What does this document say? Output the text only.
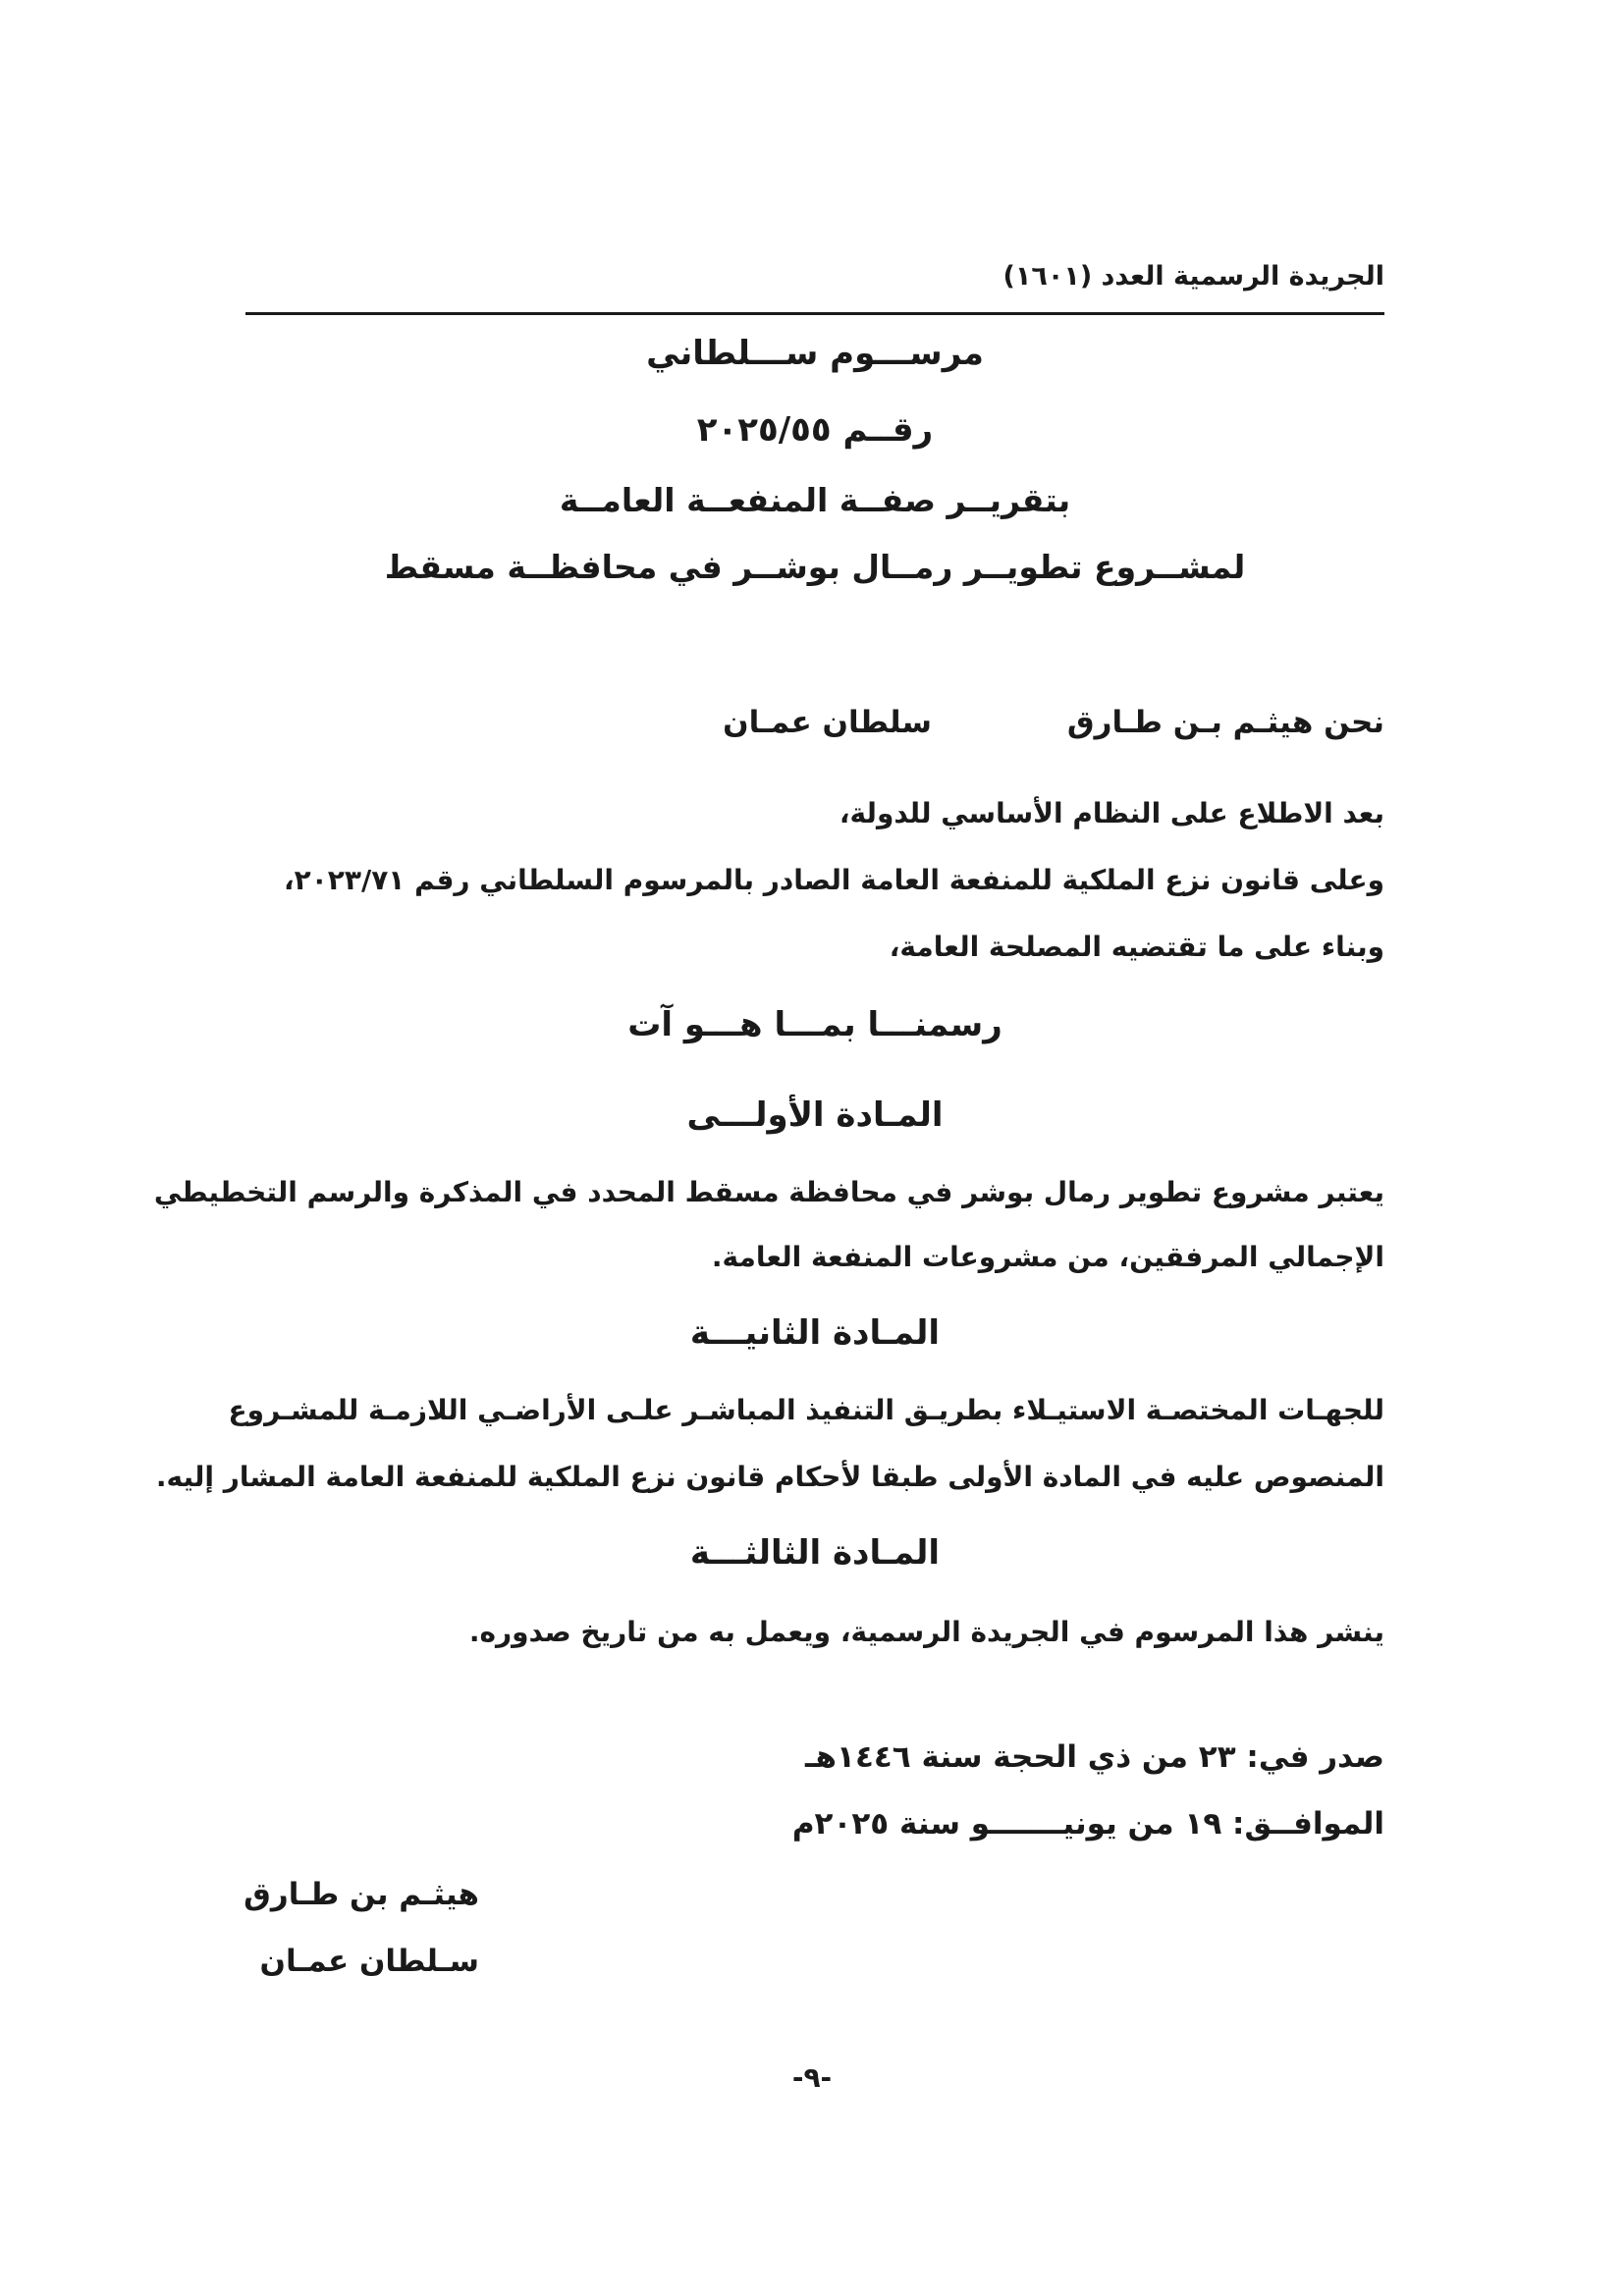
الجريدة الرسمية العدد (١٦٠١)
مرســـوم ســـلطاني
رقــم ٢٠٢٥/٥٥
بتقريــر صفــة المنفعــة العامــة
لمشــروع تطويــر رمــال بوشــر في محافظــة مسقط
نحن هيثـم بـن طـارق
سلطان عمـان
بعد الاطلاع على النظام الأساسي للدولة،
وعلى قانون نزع الملكية للمنفعة العامة الصادر بالمرسوم السلطاني رقم ٢٠٢٣/٧١،
وبناء على ما تقتضيه المصلحة العامة،
رسمنـــا بمـــا هـــو آت
المـادة الأولـــى
يعتبر مشروع تطوير رمال بوشر في محافظة مسقط المحدد في المذكرة والرسم التخطيطي
الإجمالي المرفقين، من مشروعات المنفعة العامة.
المـادة الثانيـــة
للجهـات المختصـة الاستيـلاء بطريـق التنفيذ المباشـر علـى الأراضـي اللازمـة للمشـروع
المنصوص عليه في المادة الأولى طبقا لأحكام قانون نزع الملكية للمنفعة العامة المشار إليه.
المـادة الثالثـــة
ينشر هذا المرسوم في الجريدة الرسمية، ويعمل به من تاريخ صدوره.
صدر في: ٢٣ من ذي الحجة سنة ١٤٤٦هـ
الموافــق: ١٩ من يونيـــــــو سنة ٢٠٢٥م
هيثـم بن طـارق
سـلطان عمـان
-٩-
